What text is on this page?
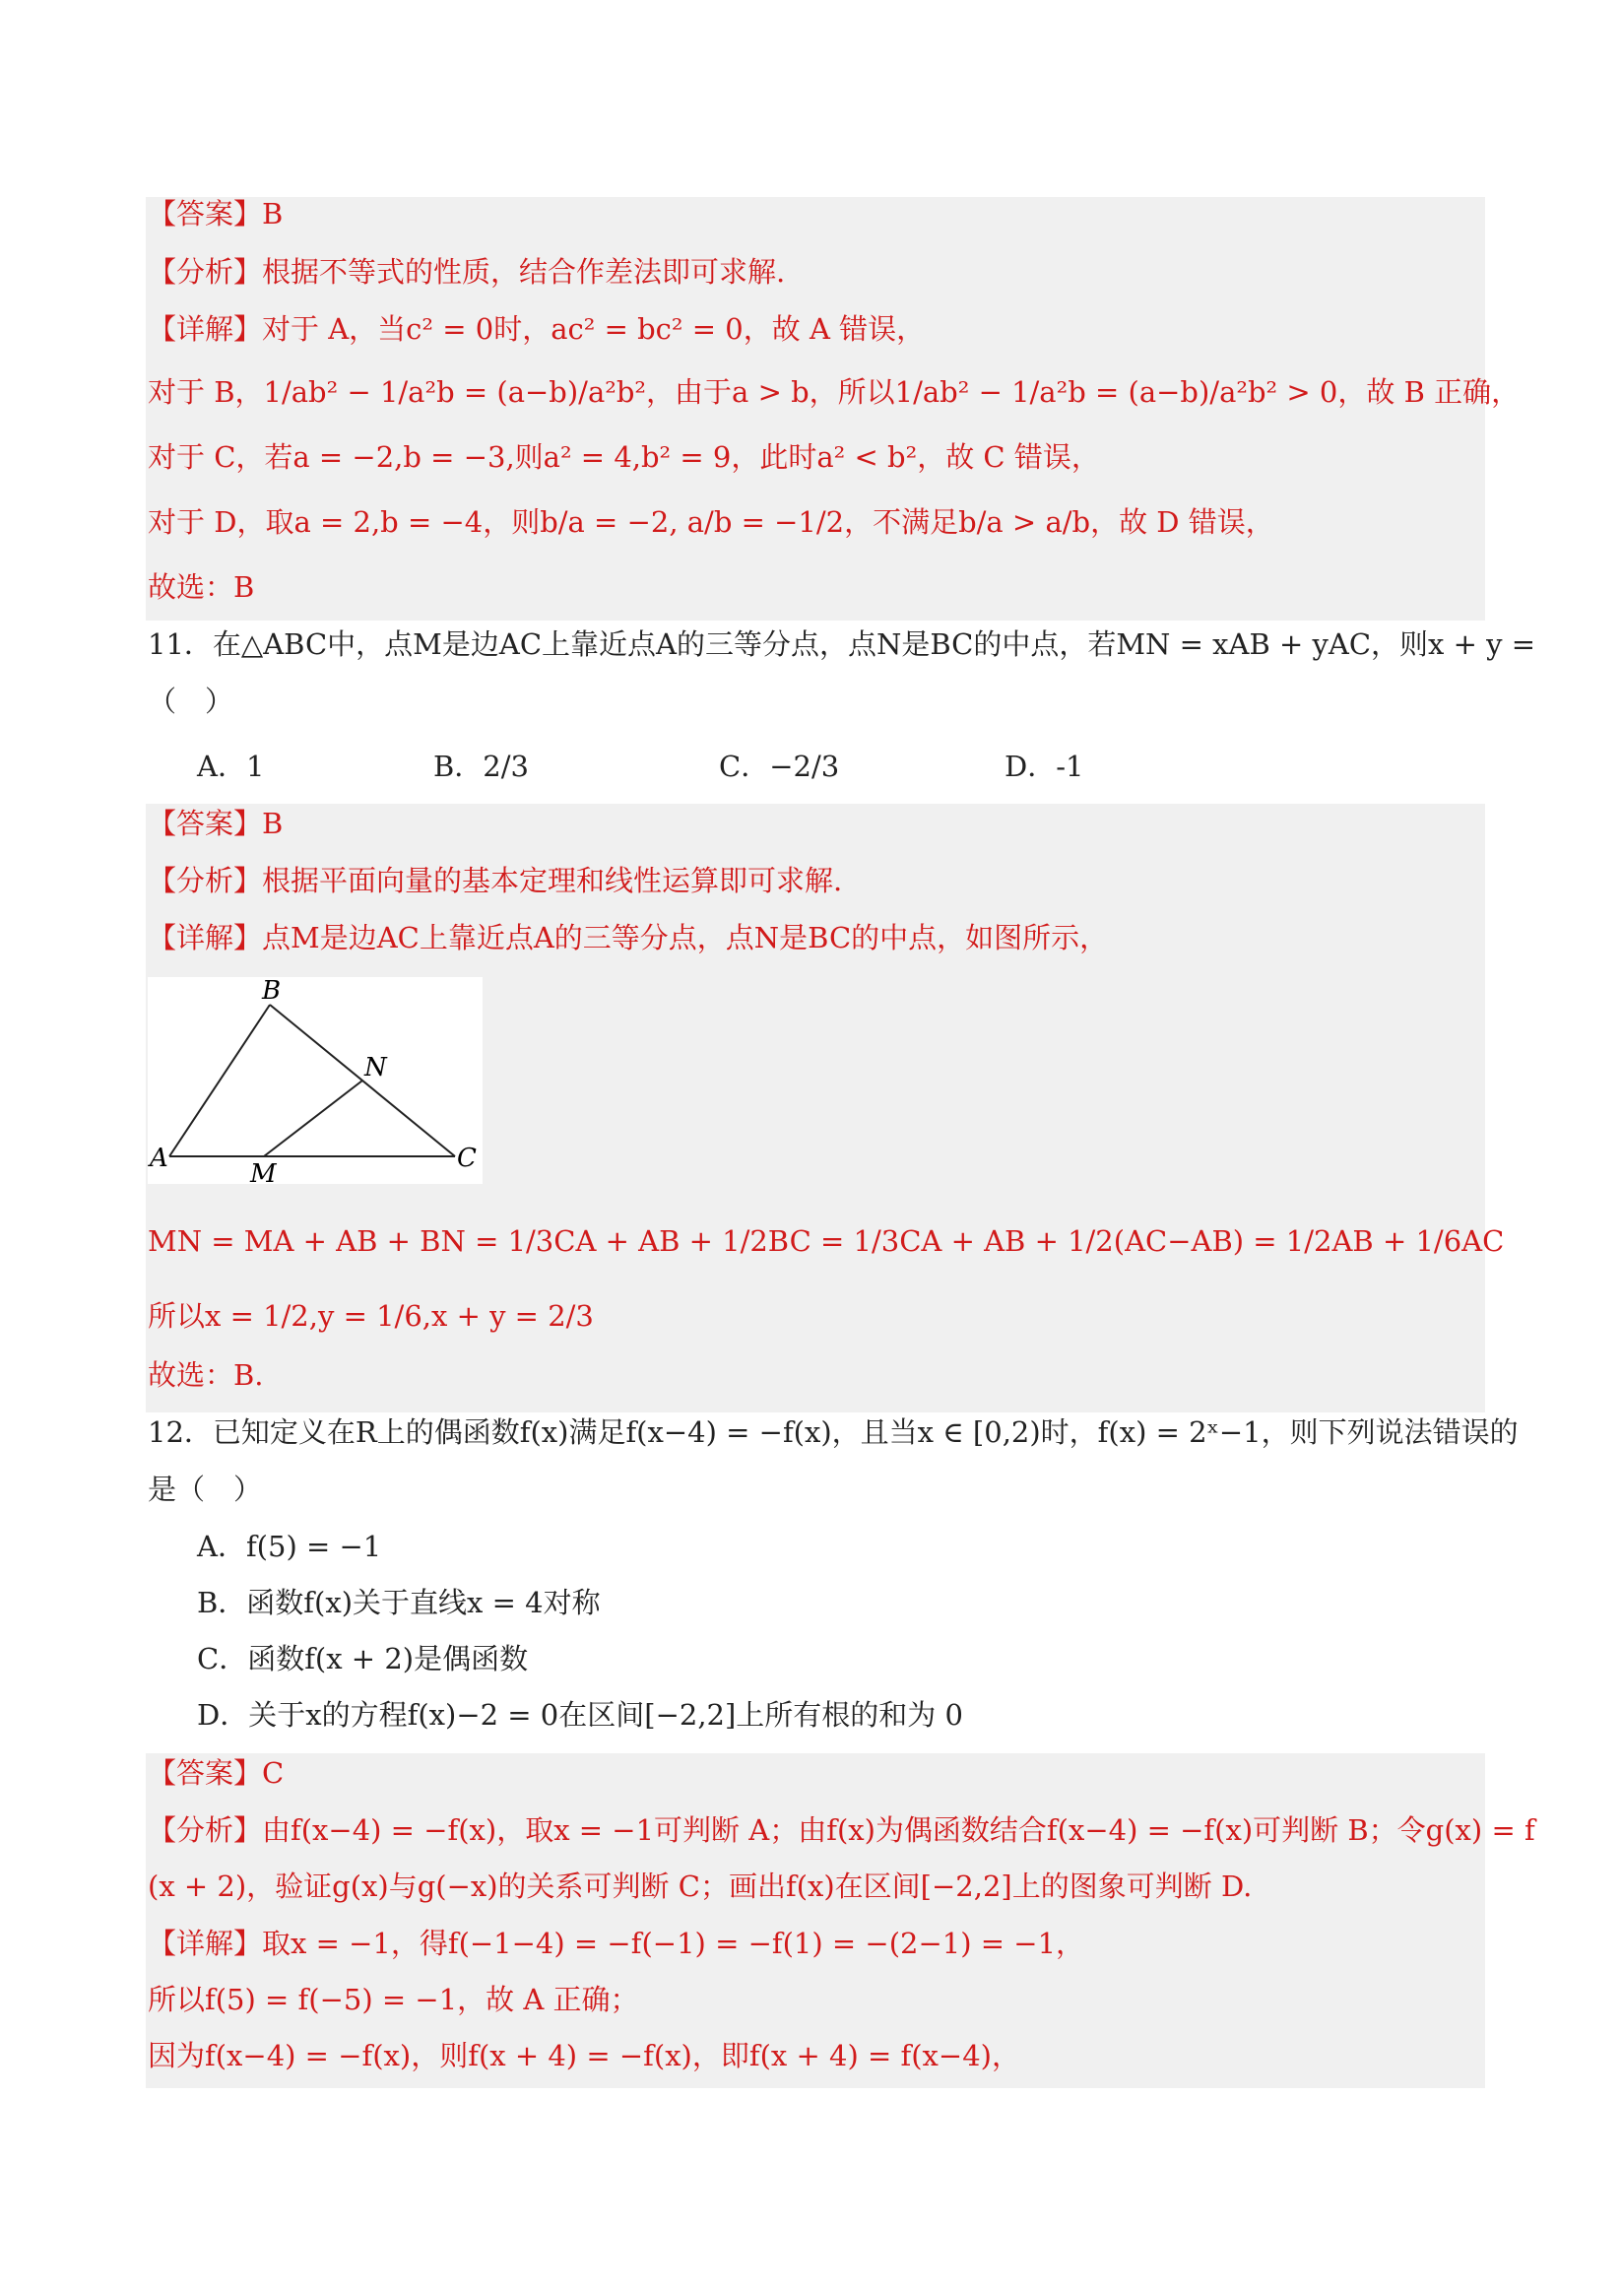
【答案】B
【分析】根据不等式的性质，结合作差法即可求解.
【详解】对于 A，当c² = 0时，ac² = bc² = 0，故 A 错误，
对于 B，1/ab² − 1/a²b = (a−b)/a²b²，由于a > b，所以1/ab² − 1/a²b = (a−b)/a²b² > 0，故 B 正确，
对于 C，若a = −2,b = −3,则a² = 4,b² = 9，此时a² < b²，故 C 错误，
对于 D，取a = 2,b = −4，则b/a = −2, a/b = −1/2，不满足b/a > a/b，故 D 错误，
故选：B
11．在△ABC中，点M是边AC上靠近点A的三等分点，点N是BC的中点，若MN = xAB + yAC，则x + y =
（　）
A．1	B．2/3	C．−2/3	D．-1
【答案】B
【分析】根据平面向量的基本定理和线性运算即可求解.
【详解】点M是边AC上靠近点A的三等分点，点N是BC的中点，如图所示，
B
N
A
M
C
MN = MA + AB + BN = 1/3CA + AB + 1/2BC = 1/3CA + AB + 1/2(AC−AB) = 1/2AB + 1/6AC
所以x = 1/2,y = 1/6,x + y = 2/3
故选：B.
12．已知定义在R上的偶函数f(x)满足f(x−4) = −f(x)，且当x ∈ [0,2)时，f(x) = 2ˣ−1，则下列说法错误的
是（　）
A．f(5) = −1
B．函数f(x)关于直线x = 4对称
C．函数f(x + 2)是偶函数
D．关于x的方程f(x)−2 = 0在区间[−2,2]上所有根的和为 0
【答案】C
【分析】由f(x−4) = −f(x)，取x = −1可判断 A；由f(x)为偶函数结合f(x−4) = −f(x)可判断 B；令g(x) = f
(x + 2)，验证g(x)与g(−x)的关系可判断 C；画出f(x)在区间[−2,2]上的图象可判断 D.
【详解】取x = −1，得f(−1−4) = −f(−1) = −f(1) = −(2−1) = −1，
所以f(5) = f(−5) = −1，故 A 正确；
因为f(x−4) = −f(x)，则f(x + 4) = −f(x)，即f(x + 4) = f(x−4)，
